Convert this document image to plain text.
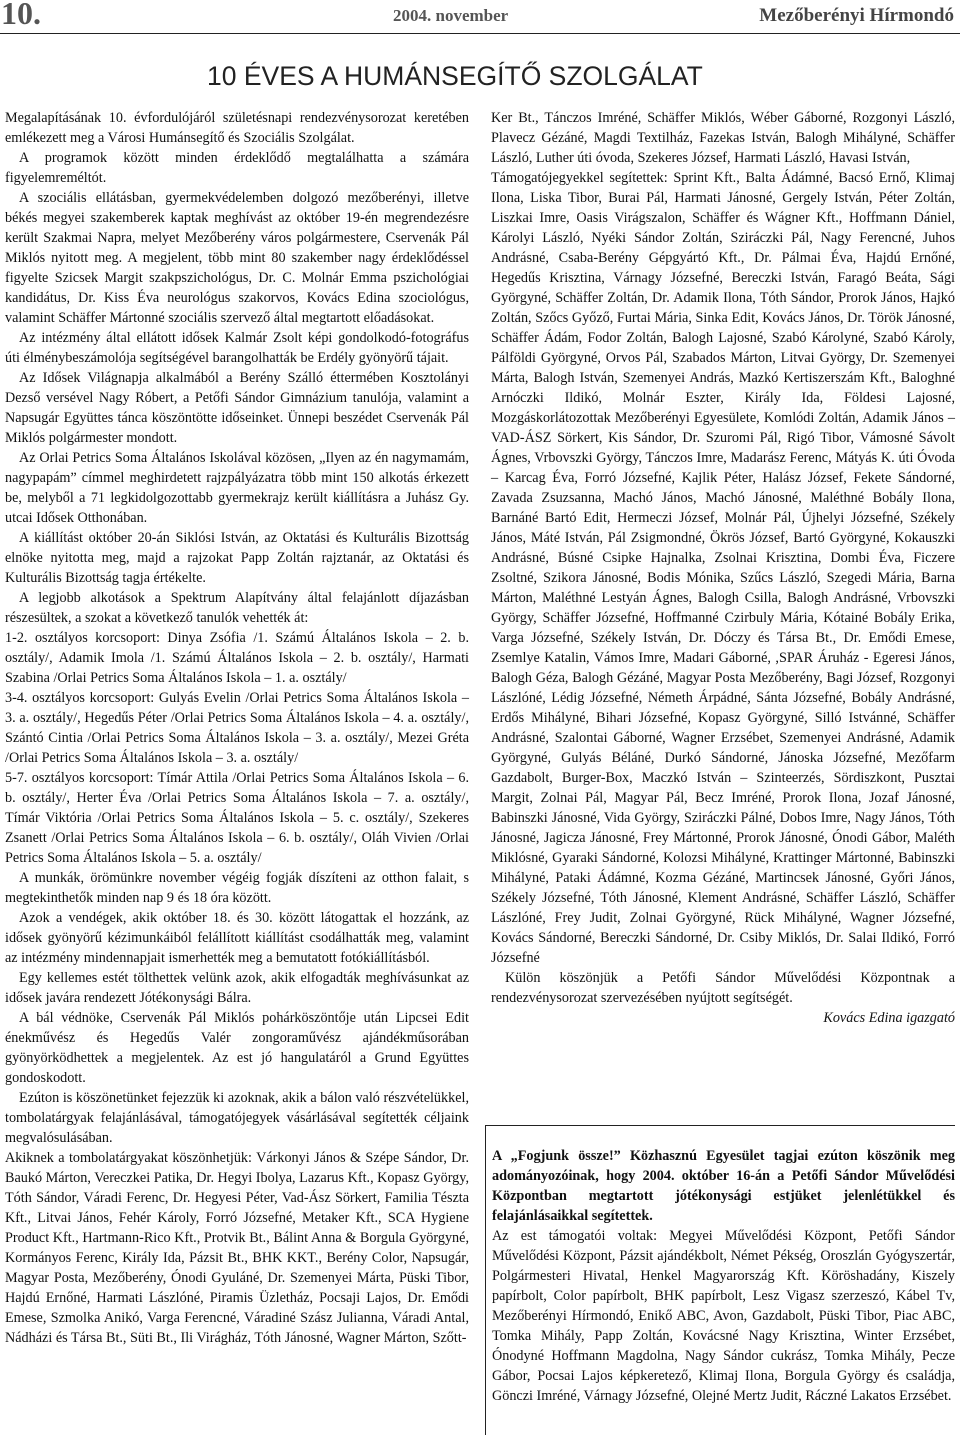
10.	2004. november	Mezőberényi Hírmondó
10 ÉVES A HUMÁNSEGÍTŐ SZOLGÁLAT

Megalapításának 10. évfordulójáról születésnapi rendezvénysorozat keretében emlékezett meg a Városi Humánsegítő és Szociális Szolgálat.

A programok között minden érdeklődő megtalálhatta a számára figyelemreméltót.

A szociális ellátásban, gyermekvédelemben dolgozó mezőberényi, illetve békés megyei szakemberek kaptak meghívást az október 19-én megrendezésre került Szakmai Napra, melyet Mezőberény város polgármestere, Cservenák Pál Miklós nyitott meg. A megjelent, több mint 80 szakember nagy érdeklődéssel figyelte Szicsek Margit szakpszichológus, Dr. C. Molnár Emma pszichológiai kandidátus, Dr. Kiss Éva neurológus szakorvos, Kovács Edina szociológus, valamint Schäffer Mártonné szociális szervező által megtartott előadásokat.

Az intézmény által ellátott idősek Kalmár Zsolt képi gondolkodó-fotográfus úti élménybeszámolója segítségével barangolhatták be Erdély gyönyörű tájait.

Az Idősek Világnapja alkalmából a Berény Szálló éttermében Kosztolányi Dezső versével Nagy Róbert, a Petőfi Sándor Gimnázium tanulója, valamint a Napsugár Együttes tánca köszöntötte időseinket. Ünnepi beszédet Cservenák Pál Miklós polgármester mondott.

Az Orlai Petrics Soma Általános Iskolával közösen, „Ilyen az én nagymamám, nagypapám” címmel meghirdetett rajzpályázatra több mint 150 alkotás érkezett be, melyből a 71 legkidolgozottabb gyermekrajz került kiállításra a Juhász Gy. utcai Idősek Otthonában.

A kiállítást október 20-án Siklósi István, az Oktatási és Kulturális Bizottság elnöke nyitotta meg, majd a rajzokat Papp Zoltán rajztanár, az Oktatási és Kulturális Bizottság tagja értékelte.

A legjobb alkotások a Spektrum Alapítvány által felajánlott díjazásban részesültek, a szokat a következő tanulók vehették át:

1-2. osztályos korcsoport: Dinya Zsófia /1. Számú Általános Iskola – 2. b. osztály/, Adamik Imola /1. Számú Általános Iskola – 2. b. osztály/, Harmati Szabina /Orlai Petrics Soma Általános Iskola – 1. a. osztály/

3-4. osztályos korcsoport: Gulyás Evelin /Orlai Petrics Soma Általános Iskola – 3. a. osztály/, Hegedűs Péter /Orlai Petrics Soma Általános Iskola – 4. a. osztály/, Szántó Cintia /Orlai Petrics Soma Általános Iskola – 3. a. osztály/, Mezei Gréta /Orlai Petrics Soma Általános Iskola – 3. a. osztály/

5-7. osztályos korcsoport: Tímár Attila /Orlai Petrics Soma Általános Iskola – 6. b. osztály/, Herter Éva /Orlai Petrics Soma Általános Iskola – 7. a. osztály/, Tímár Viktória /Orlai Petrics Soma Általános Iskola – 5. c. osztály/, Szekeres Zsanett /Orlai Petrics Soma Általános Iskola – 6. b. osztály/, Oláh Vivien /Orlai Petrics Soma Általános Iskola – 5. a. osztály/

A munkák, örömünkre november végéig fogják díszíteni az otthon falait, s megtekinthetők minden nap 9 és 18 óra között.

Azok a vendégek, akik október 18. és 30. között látogattak el hozzánk, az idősek gyönyörű kézimunkáiból felállított kiállítást csodálhatták meg, valamint az intézmény mindennapjait ismerhették meg a bemutatott fotókiállításból.

Egy kellemes estét tölthettek velünk azok, akik elfogadták meghívásunkat az idősek javára rendezett Jótékonysági Bálra.

A bál védnöke, Cservenák Pál Miklós pohárköszöntője után Lipcsei Edit énekművész és Hegedűs Valér zongoraművész ajándékműsorában gyönyörködhettek a megjelentek. Az est jó hangulatáról a Grund Együttes gondoskodott.

Ezúton is köszönetünket fejezzük ki azoknak, akik a bálon való részvételükkel, tombolatárgyak felajánlásával, támogatójegyek vásárlásával segítették céljaink megvalósulásában.

Akiknek a tombolatárgyakat köszönhetjük: Várkonyi János & Szépe Sándor, Dr. Baukó Márton, Vereczkei Patika, Dr. Hegyi Ibolya, Lazarus Kft., Kopasz György, Tóth Sándor, Váradi Ferenc, Dr. Hegyesi Péter, Vad-Ász Sörkert, Familia Tészta Kft., Litvai János, Fehér Károly, Forró Józsefné, Metaker Kft., SCA Hygiene Product Kft., Hartmann-Rico Kft., Protvik Bt., Bálint Anna & Borgula Györgyné, Kormányos Ferenc, Király Ida, Pázsit Bt., BHK KKT., Berény Color, Napsugár, Magyar Posta, Mezőberény, Ónodi Gyuláné, Dr. Szemenyei Márta, Püski Tibor, Hajdú Ernőné, Harmati Lászlóné, Piramis Üzletház, Pocsaji Lajos, Dr. Emődi Emese, Szmolka Anikó, Varga Ferencné, Váradiné Szász Julianna, Váradi Antal, Nádházi és Társa Bt., Süti Bt., Ili Virágház, Tóth Jánosné, Wagner Márton, Szőtt-

Ker Bt., Tánczos Imréné, Schäffer Miklós, Wéber Gáborné, Rozgonyi László, Plavecz Gézáné, Magdi Textilház, Fazekas István, Balogh Mihályné, Schäffer László, Luther úti óvoda, Szekeres József, Harmati László, Havasi István,

Támogatójegyekkel segítettek: Sprint Kft., Balta Ádámné, Bacsó Ernő, Klimaj Ilona, Liska Tibor, Burai Pál, Harmati Jánosné, Gergely István, Péter Zoltán, Liszkai Imre, Oasis Virágszalon, Schäffer és Wágner Kft., Hoffmann Dániel, Károlyi László, Nyéki Sándor Zoltán, Sziráczki Pál, Nagy Ferencné, Juhos Andrásné, Csaba-Berény Gépgyártó Kft., Dr. Pálmai Éva, Hajdú Ernőné, Hegedűs Krisztina, Várnagy Józsefné, Bereczki István, Faragó Beáta, Sági Györgyné, Schäffer Zoltán, Dr. Adamik Ilona, Tóth Sándor, Prorok János, Hajkó Zoltán, Szőcs Győző, Furtai Mária, Sinka Edit, Kovács János, Dr. Török Jánosné, Schäffer Ádám, Fodor Zoltán, Balogh Lajosné, Szabó Károlyné, Szabó Károly, Pálföldi Györgyné, Orvos Pál, Szabados Márton, Litvai György, Dr. Szemenyei Márta, Balogh István, Szemenyei András, Mazkó Kertiszerszám Kft., Baloghné Arnóczki Ildikó, Molnár Eszter, Király Ida, Földesi Lajosné, Mozgáskorlátozottak Mezőberényi Egyesülete, Komlódi Zoltán, Adamik János – VAD-ÁSZ Sörkert, Kis Sándor, Dr. Szuromi Pál, Rigó Tibor, Vámosné Sávolt Ágnes, Vrbovszki György, Tánczos Imre, Madarász Ferenc, Mátyás K. úti Óvoda – Karcag Éva, Forró Józsefné, Kajlik Péter, Halász József, Fekete Sándorné, Zavada Zsuzsanna, Machó János, Machó Jánosné, Maléthné Bobály Ilona, Barnáné Bartó Edit, Hermeczi József, Molnár Pál, Újhelyi Józsefné, Székely János, Máté István, Pál Zsigmondné, Ökrös József, Bartó Györgyné, Kokauszki Andrásné, Búsné Csipke Hajnalka, Zsolnai Krisztina, Dombi Éva, Ficzere Zsoltné, Szikora Jánosné, Bodis Mónika, Szűcs László, Szegedi Mária, Barna Márton, Maléthné Lestyán Ágnes, Balogh Csilla, Balogh Andrásné, Vrbovszki György, Schäffer Józsefné, Hoffmanné Czirbuly Mária, Kótainé Bobály Erika, Varga Józsefné, Székely István, Dr. Dóczy és Társa Bt., Dr. Emődi Emese, Zsemlye Katalin, Vámos Imre, Madari Gáborné, ,SPAR Áruház - Egeresi János, Balogh Géza, Balogh Gézáné, Magyar Posta Mezőberény, Bagi József, Rozgonyi Lászlóné, Lédig Józsefné, Németh Árpádné, Sánta Józsefné, Bobály Andrásné, Erdős Mihályné, Bihari Józsefné, Kopasz Györgyné, Silló Istvánné, Schäffer Andrásné, Szalontai Gáborné, Wagner Erzsébet, Szemenyei Andrásné, Adamik Györgyné, Gulyás Béláné, Durkó Sándorné, Jánoska Józsefné, Mezőfarm Gazdabolt, Burger-Box, Maczkó István – Szinteerzés, Sördiszkont, Pusztai Margit, Zolnai Pál, Magyar Pál, Becz Imréné, Prorok Ilona, Jozaf Jánosné, Babinszki Jánosné, Vida György, Sziráczki Pálné, Dobos Imre, Nagy János, Tóth Jánosné, Jagicza Jánosné, Frey Mártonné, Prorok Jánosné, Ónodi Gábor, Maléth Miklósné, Gyaraki Sándorné, Kolozsi Mihályné, Krattinger Mártonné, Babinszki Mihályné, Pataki Ádámné, Kozma Gézáné, Martincsek Jánosné, Győri János, Székely Józsefné, Tóth Jánosné, Klement Andrásné, Schäffer László, Schäffer Lászlóné, Frey Judit, Zolnai Györgyné, Rück Mihályné, Wagner Józsefné, Kovács Sándorné, Bereczki Sándorné, Dr. Csiby Miklós, Dr. Salai Ildikó, Forró Józsefné

Külön köszönjük a Petőfi Sándor Művelődési Központnak a rendezvénysorozat szervezésében nyújtott segítségét.

Kovács Edina igazgató

A „Fogjunk össze!” Közhasznú Egyesület tagjai ezúton köszönik meg adományozóinak, hogy 2004. október 16-án a Petőfi Sándor Művelődési Központban megtartott jótékonysági estjüket jelenlétükkel és felajánlásaikkal segítettek.

Az est támogatói voltak: Megyei Művelődési Központ, Petőfi Sándor Művelődési Központ, Pázsit ajándékbolt, Német Pékség, Oroszlán Gyógyszertár, Polgármesteri Hivatal, Henkel Magyarország Kft. Köröshadány, Kiszely papírbolt, Color papírbolt, BHK papírbolt, Lesz Vigasz szerzeszó, Kábel Tv, Mezőberényi Hírmondó, Enikő ABC, Avon, Gazdabolt, Püski Tibor, Piac ABC, Tomka Mihály, Papp Zoltán, Kovácsné Nagy Krisztina, Winter Erzsébet, Ónodyné Hoffmann Magdolna, Nagy Sándor cukrász, Tomka Mihály, Pecze Gábor, Pocsai Lajos képkeretező, Klimaj Ilona, Borgula György és családja, Gönczi Imréné, Várnagy Józsefné, Olejné Mertz Judit, Ráczné Lakatos Erzsébet.
